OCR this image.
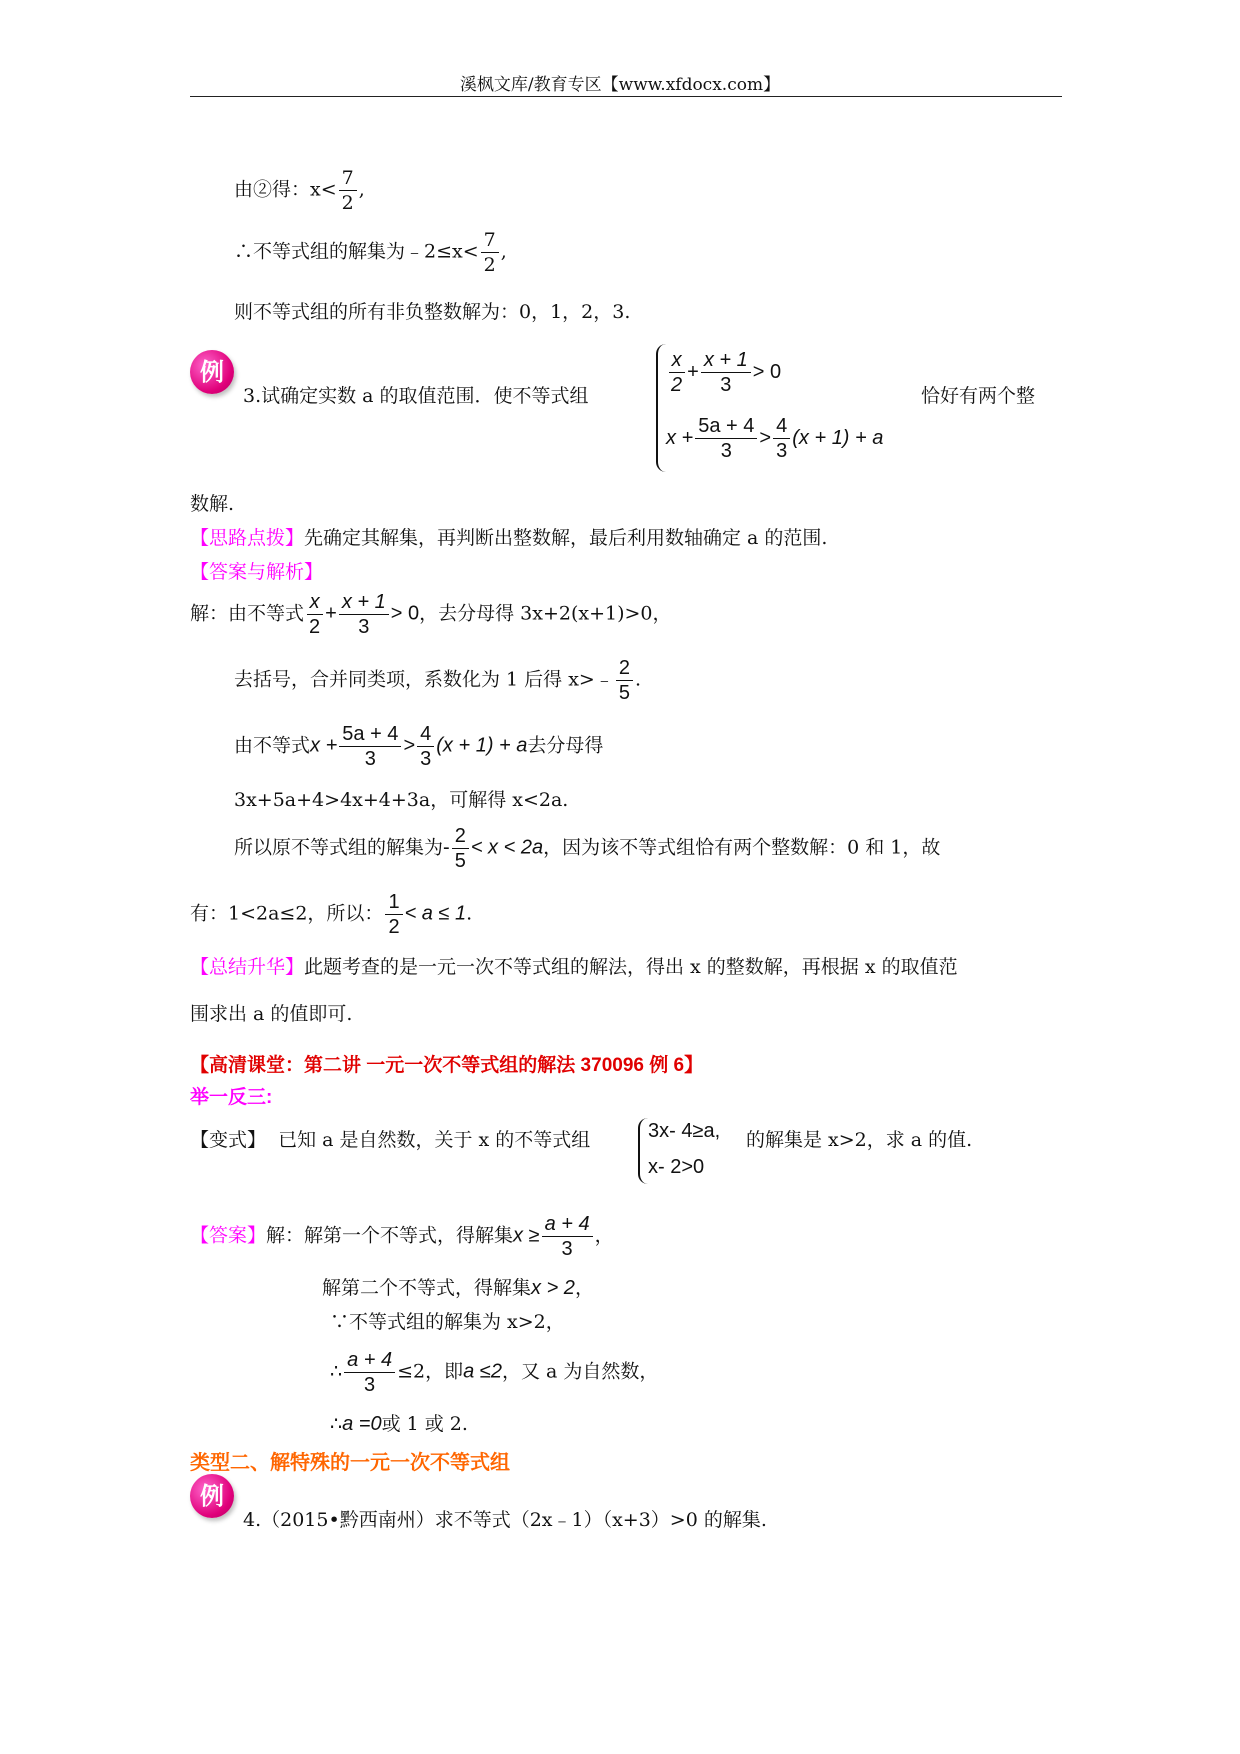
溪枫文库/教育专区【www.xfdocx.com】
由②得：$x< \frac{7}{2}$ ,
∴不等式组的解集为﹣2≤x< $\frac{7}{2}$ ,
则不等式组的所有非负整数解为：0，1，2，3.
例
3.试确定实数 a 的取值范围．使不等式组	$\frac{x}{2} + \frac{x + 1}{3} > 0$
$x + \frac{5a + 4}{3} > \frac{4}{3} (x + 1) + a$
恰好有两个整
数解.
【思路点拨】先确定其解集，再判断出整数解，最后利用数轴确定 a 的范围.
【答案与解析】
解：由不等式 $\frac{x}{2} + \frac{x + 1}{3} > 0$，去分母得 3x+2(x+1)>0，
去括号，合并同类项，系数化为 1 后得 x>﹣ $\frac{2}{5}$ .
由不等式$x + \frac{5a + 4}{3} > \frac{4}{3} (x + 1) + a$去分母得
3x+5a+4>4x+4+3a，可解得 x<2a.
所以原不等式组的解集为- $\frac{2}{5} < x < 2a$，因为该不等式组恰有两个整数解：0 和 1，故
有：1<2a≤2，所以： $\frac{1}{2} < a \le 1$.
【总结升华】此题考查的是一元一次不等式组的解法，得出 x 的整数解，再根据 x 的取值范
围求出 a 的值即可.
【高清课堂：第二讲 一元一次不等式组的解法 370096 例 6】
举一反三:
【变式】 已知 a 是自然数，关于 x 的不等式组	3x- 4≥a,
x- 2>0
的解集是 x>2，求 a 的值.
【答案】解：解第一个不等式，得解集$x \ge \frac{a + 4}{3}$ ，
解第二个不等式，得解集x > 2，
∵不等式组的解集为 x>2，
∴ $\frac{a + 4}{3} \le 2$，即a ≤2，又 a 为自然数，
∴a =0或 1 或 2.
类型二、解特殊的一元一次不等式组
例
4.（2015•黔西南州）求不等式（2x﹣1）（x+3）>0 的解集.
